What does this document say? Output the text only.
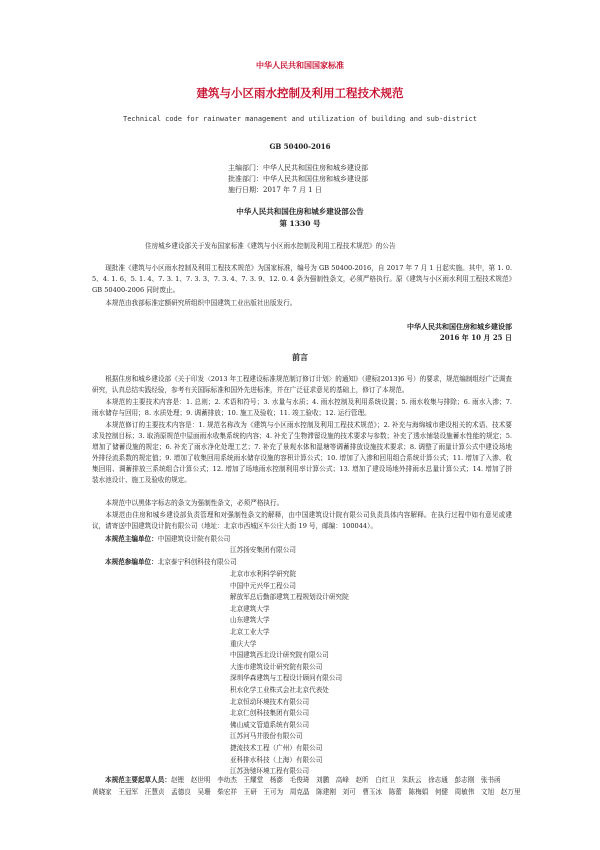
中华人民共和国国家标准
建筑与小区雨水控制及利用工程技术规范
Technical code for rainwater management and utilization of building and sub-district
GB 50400-2016
主编部门：中华人民共和国住房和城乡建设部
批准部门：中华人民共和国住房和城乡建设部
施行日期：2017 年 7 月 1 日
中华人民共和国住房和城乡建设部公告
第 1330 号
住房城乡建设部关于发布国家标准《建筑与小区雨水控制及利用工程技术规范》的公告
现批准《建筑与小区雨水控制及利用工程技术规范》为国家标准，编号为 GB 50400-2016，自 2017 年 7 月 1 日起实施。其中，第 1. 0. 5、4. 1. 6、5. 1. 4、7. 3. 1、7. 3. 3、7. 3. 4、7. 3. 9、12. 0. 4 条为强制性条文，必须严格执行。原《建筑与小区雨水利用工程技术规范》GB 50400-2006 同时废止。
本规范由我部标准定额研究所组织中国建筑工业出版社出版发行。
中华人民共和国住房和城乡建设部
2016 年 10 月 25 日
前言
根据住房和城乡建设部《关于印发〈2013 年工程建设标准规范制订修订计划〉的通知》（建标[2013]6 号）的要求，规范编制组经广泛调查研究，认真总结实践经验，参考有关国际标准和国外先进标准，并在广泛征求意见的基础上，修订了本规范。
本规范的主要技术内容是：1. 总则；2. 术语和符号；3. 水量与水质；4. 雨水控制及利用系统设置；5. 雨水收集与排除；6. 雨水入渗；7. 雨水储存与回用；8. 水质处理；9. 调蓄排放；10. 施工及验收；11. 竣工验收；12. 运行管理。
本规范修订的主要技术内容是：1. 规范名称改为《建筑与小区雨水控制及利用工程技术规范》；2. 补充与海绵城市建设相关的术语、技术要求及控制目标；3. 取消原规范中屋面雨水收集系统的内容；4. 补充了生物滞留设施的技术要求与参数；补充了透水铺装设施蓄水性能的规定；5. 增加了储蓄设施的规定；6. 补充了雨水净化处理工艺；7. 补充了景观水体和湿塘等调蓄排放设施技术要求；8. 调整了雨量计算公式中建设场地外排径流系数的规定值；9. 增加了收集回用系统雨水储存设施的容积计算公式；10. 增加了入渗和回用组合系统计算公式；11. 增加了入渗、收集回用、调蓄排放三系统组合计算公式；12. 增加了场地雨水控制利用率计算公式；13. 增加了建设场地外排雨水总量计算公式；14. 增加了拼装水池设计、施工及验收的规定。
本规范中以黑体字标志的条文为强制性条文，必须严格执行。
本规范由住房和城乡建设部负责管理和对强制性条文的解释，由中国建筑设计院有限公司负责具体内容解释。在执行过程中如有意见或建议，请寄送中国建筑设计院有限公司（地址：北京市西城区车公庄大街 19 号，邮编：100044）。
本规范主编单位：中国建筑设计院有限公司
江苏扬安集团有限公司
本规范参编单位：北京泰宁科创科技有限公司
北京市水利科学研究院
中国中元兴华工程公司
解放军总后勤部建筑工程规划设计研究院
北京建筑大学
山东建筑大学
北京工业大学
重庆大学
中国建筑西北设计研究院有限公司
大连市建筑设计研究院有限公司
深圳华森建筑与工程设计顾问有限公司
积水化学工业株式会社北京代表处
北京恒动环境技术有限公司
北京仁创科技集团有限公司
佛山威文管道系统有限公司
江苏河马井股份有限公司
捷流技术工程（广州）有限公司
亚科排水科技（上海）有限公司
江苏劲驰环境工程有限公司
本规范主要起草人员：赵锂　赵世明　李幼杰　王耀堂　杨澎　毛俊琦　刘鹏　高峰　赵昕　白红卫　朱跃云　徐志通　彭志刚　张书函
黄晓家　王冠军　汪慧贞　孟德良　吴珊　柴宏祥　王研　王可为　周克晶　陈建刚　刘可　曹玉冰　陈蕾　陈梅娟　何健　周敏伟　文旭　赵万里
